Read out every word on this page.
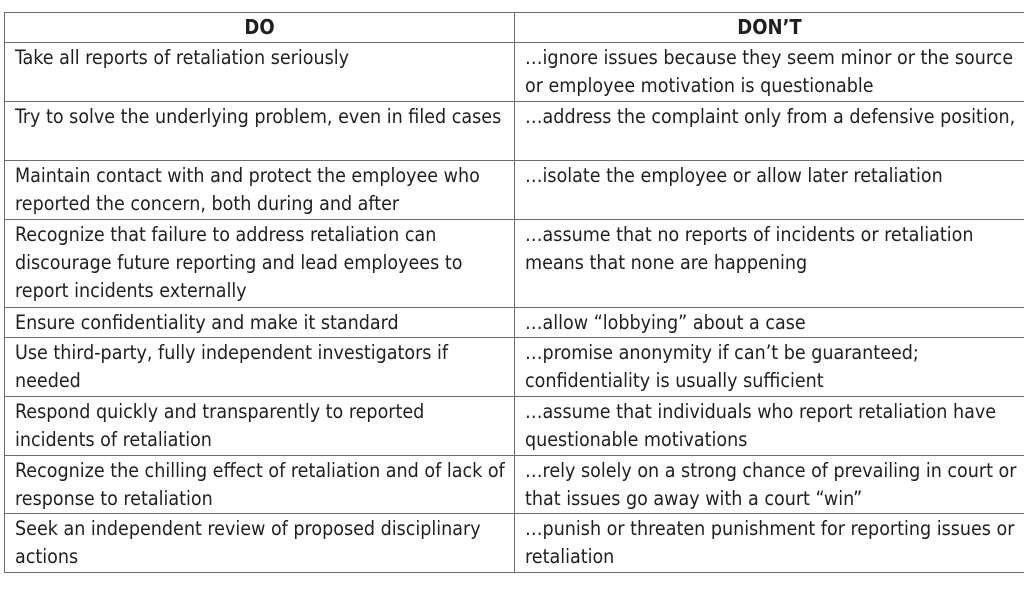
DO	DON’T
Take all reports of retaliation seriously	…ignore issues because they seem minor or the source or employee motivation is questionable
Try to solve the underlying problem, even in filed cases	…address the complaint only from a defensive position,
Maintain contact with and protect the employee who reported the concern, both during and after	…isolate the employee or allow later retaliation
Recognize that failure to address retaliation can discourage future reporting and lead employees to report incidents externally	…assume that no reports of incidents or retaliation means that none are happening
Ensure confidentiality and make it standard	…allow “lobbying” about a case
Use third-party, fully independent investigators if needed	…promise anonymity if can’t be guaranteed; confidentiality is usually sufficient
Respond quickly and transparently to reported incidents of retaliation	…assume that individuals who report retaliation have questionable motivations
Recognize the chilling effect of retaliation and of lack of response to retaliation	…rely solely on a strong chance of prevailing in court or that issues go away with a court “win”
Seek an independent review of proposed disciplinary actions	…punish or threaten punishment for reporting issues or retaliation
